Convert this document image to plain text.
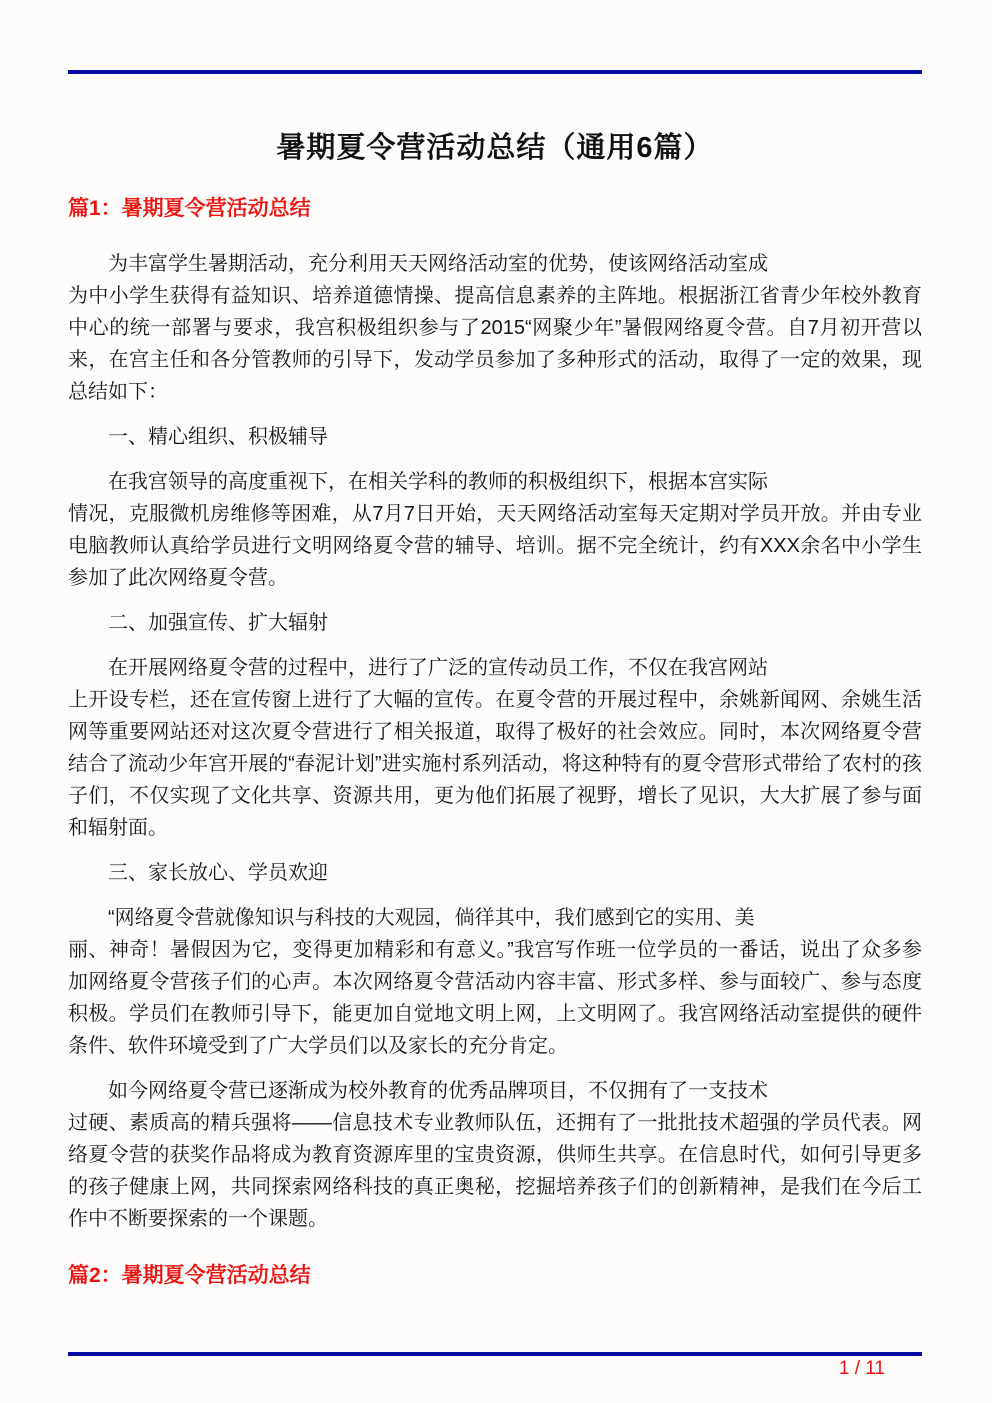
暑期夏令营活动总结（通用6篇）
篇1：暑期夏令营活动总结

为丰富学生暑期活动，充分利用天天网络活动室的优势，使该网络活动室成
为中小学生获得有益知识、培养道德情操、提高信息素养的主阵地。根据浙江省青少年校外教育中心的统一部署与要求，我宫积极组织参与了2015“网聚少年”暑假网络夏令营。自7月初开营以来，在宫主任和各分管教师的引导下，发动学员参加了多种形式的活动，取得了一定的效果，现总结如下：

一、精心组织、积极辅导

在我宫领导的高度重视下，在相关学科的教师的积极组织下，根据本宫实际
情况，克服微机房维修等困难，从7月7日开始，天天网络活动室每天定期对学员开放。并由专业电脑教师认真给学员进行文明网络夏令营的辅导、培训。据不完全统计，约有XXX余名中小学生参加了此次网络夏令营。

二、加强宣传、扩大辐射

在开展网络夏令营的过程中，进行了广泛的宣传动员工作，不仅在我宫网站
上开设专栏，还在宣传窗上进行了大幅的宣传。在夏令营的开展过程中，余姚新闻网、余姚生活网等重要网站还对这次夏令营进行了相关报道，取得了极好的社会效应。同时，本次网络夏令营结合了流动少年宫开展的“春泥计划”进实施村系列活动，将这种特有的夏令营形式带给了农村的孩子们，不仅实现了文化共享、资源共用，更为他们拓展了视野，增长了见识，大大扩展了参与面和辐射面。

三、家长放心、学员欢迎

“网络夏令营就像知识与科技的大观园，倘徉其中，我们感到它的实用、美
丽、神奇！暑假因为它，变得更加精彩和有意义。”我宫写作班一位学员的一番话，说出了众多参加网络夏令营孩子们的心声。本次网络夏令营活动内容丰富、形式多样、参与面较广、参与态度积极。学员们在教师引导下，能更加自觉地文明上网，上文明网了。我宫网络活动室提供的硬件条件、软件环境受到了广大学员们以及家长的充分肯定。

如今网络夏令营已逐渐成为校外教育的优秀品牌项目，不仅拥有了一支技术
过硬、素质高的精兵强将——信息技术专业教师队伍，还拥有了一批批技术超强的学员代表。网络夏令营的获奖作品将成为教育资源库里的宝贵资源，供师生共享。在信息时代，如何引导更多的孩子健康上网，共同探索网络科技的真正奥秘，挖掘培养孩子们的创新精神，是我们在今后工作中不断要探索的一个课题。

篇2：暑期夏令营活动总结
1 / 11
